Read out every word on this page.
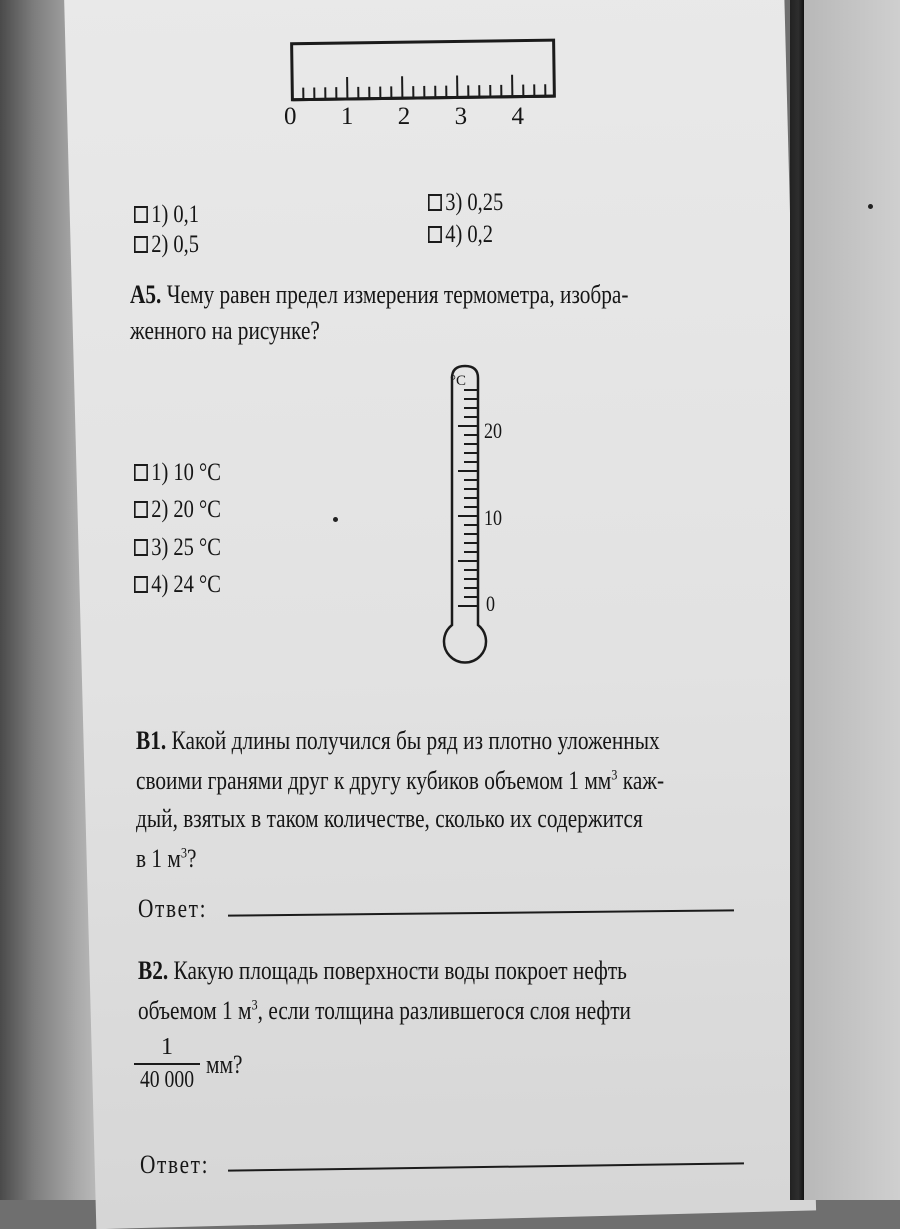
0 1 2 3 4
1) 0,1
2) 0,5
3) 0,25
4) 0,2
А5. Чему равен предел измерения термометра, изобра-
женного на рисунке?
1) 10 °С
2) 20 °С
3) 25 °С
4) 24 °С
°С
20
10
0
В1. Какой длины получился бы ряд из плотно уложенных
своими гранями друг к другу кубиков объемом 1 $мм^3$ каж-
дый, взятых в таком количестве, сколько их содержится
в 1 $м^3$?
Ответ:
В2. Какую площадь поверхности воды покроет нефть
объемом 1 $м^3$, если толщина разлившегося слоя нефти
1
40 000
мм?
Ответ:
